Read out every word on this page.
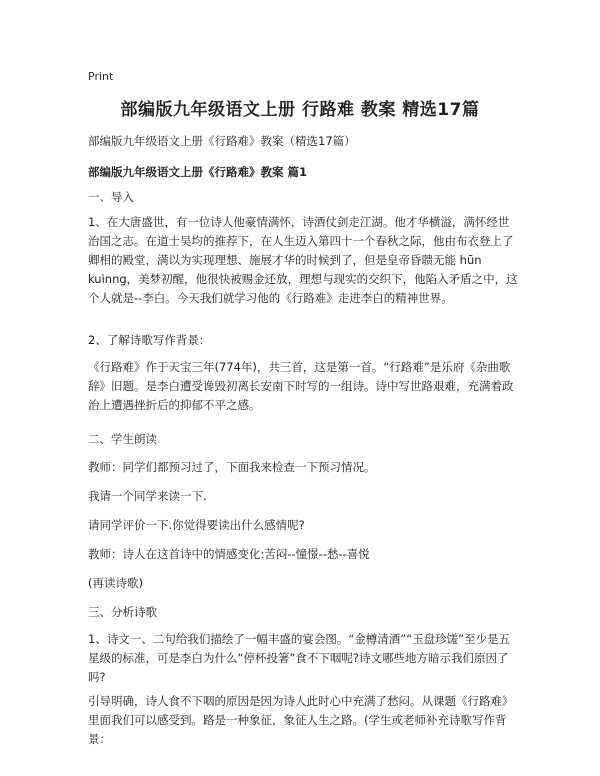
Print
部编版九年级语文上册 行路难 教案 精选17篇

部编版九年级语文上册《行路难》教案（精选17篇）

部编版九年级语文上册《行路难》教案 篇1

一、导入

1、在大唐盛世，有一位诗人他豪情满怀，诗酒仗剑走江湖。他才华横溢，满怀经世治国之志。在道士吴均的推荐下，在人生迈入第四十一个春秋之际，他由布衣登上了卿相的殿堂，满以为实现理想、施展才华的时候到了，但是皇帝昏聩无能 hūn kuìnng，美梦初醒，他很快被赐金还放，理想与现实的交织下，他陷入矛盾之中，这个人就是--李白。今天我们就学习他的《行路难》走进李白的精神世界。

2、了解诗歌写作背景：

《行路难》作于天宝三年(774年)，共三首，这是第一首。“行路难”是乐府《杂曲歌辞》旧题。是李白遭受谗毁初离长安南下时写的一组诗。诗中写世路艰难，充满着政治上遭遇挫折后的抑郁不平之感。

二、学生朗读

教师：同学们都预习过了，下面我来检查一下预习情况。

我请一个同学来读一下.

请同学评价一下.你觉得要读出什么感情呢?

教师：诗人在这首诗中的情感变化:苦闷--憧憬--愁--喜悦

(再读诗歌)

三、分析诗歌

1、诗文一、二句给我们描绘了一幅丰盛的宴会图。“金樽清酒”“玉盘珍馐”至少是五星级的标准，可是李白为什么“停杯投箸”食不下咽呢?诗文哪些地方暗示我们原因了吗?

引导明确，诗人食不下咽的原因是因为诗人此时心中充满了愁闷。从课题《行路难》里面我们可以感受到。路是一种象征，象征人生之路。(学生或老师补充诗歌写作背景：
